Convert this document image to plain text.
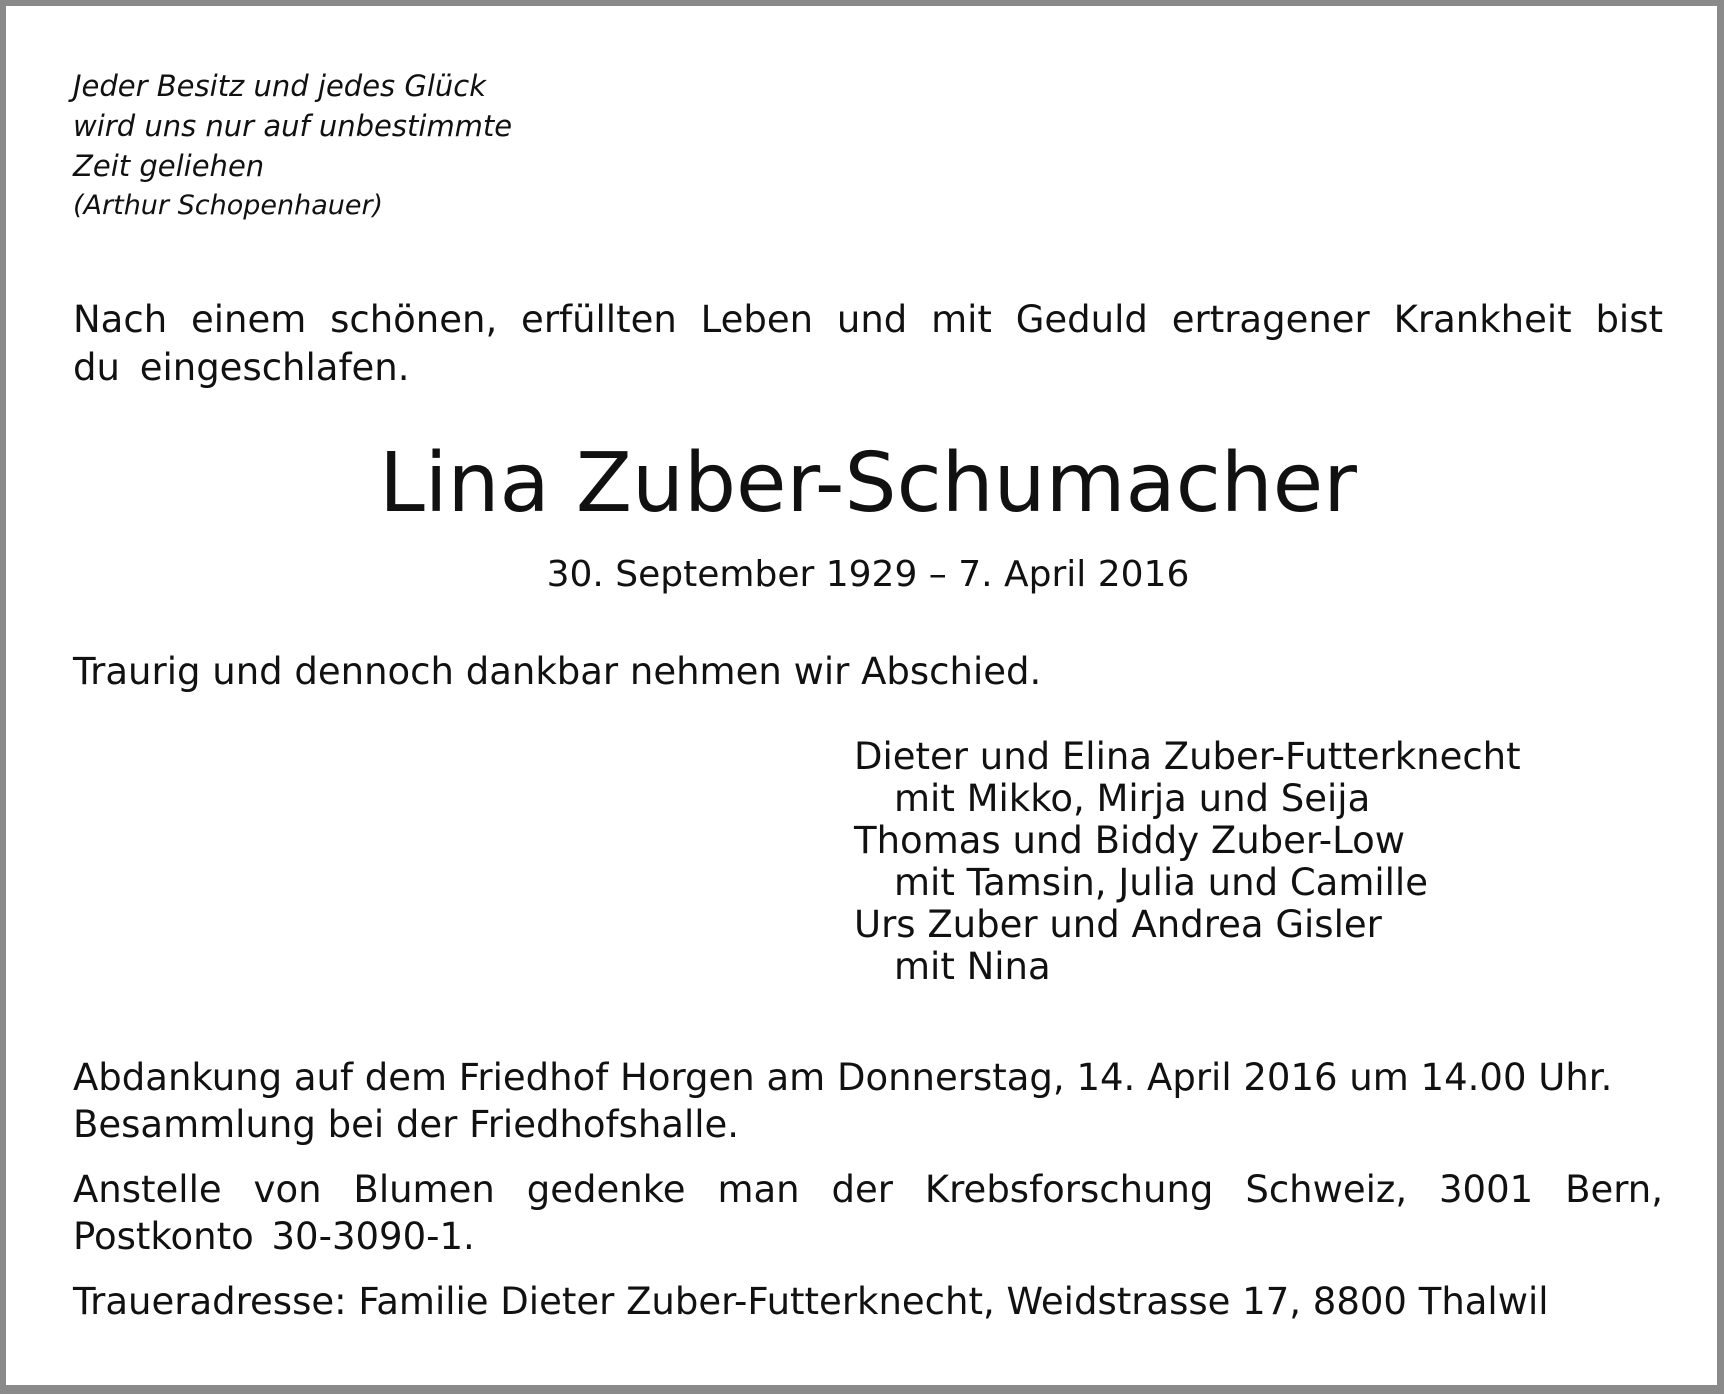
Jeder Besitz und jedes Glück
wird uns nur auf unbestimmte
Zeit geliehen
(Arthur Schopenhauer)
Nach einem schönen, erfüllten Leben und mit Geduld ertragener Krankheit bist du eingeschlafen.
Lina Zuber-Schumacher
30. September 1929 – 7. April 2016
Traurig und dennoch dankbar nehmen wir Abschied.
Dieter und Elina Zuber-Futterknecht
mit Mikko, Mirja und Seija
Thomas und Biddy Zuber-Low
mit Tamsin, Julia und Camille
Urs Zuber und Andrea Gisler
mit Nina

Abdankung auf dem Friedhof Horgen am Donnerstag, 14. April 2016 um 14.00 Uhr.
Besammlung bei der Friedhofshalle.

Anstelle von Blumen gedenke man der Krebsforschung Schweiz, 3001 Bern, Postkonto 30-3090-1.

Traueradresse: Familie Dieter Zuber-Futterknecht, Weidstrasse 17, 8800 Thalwil
